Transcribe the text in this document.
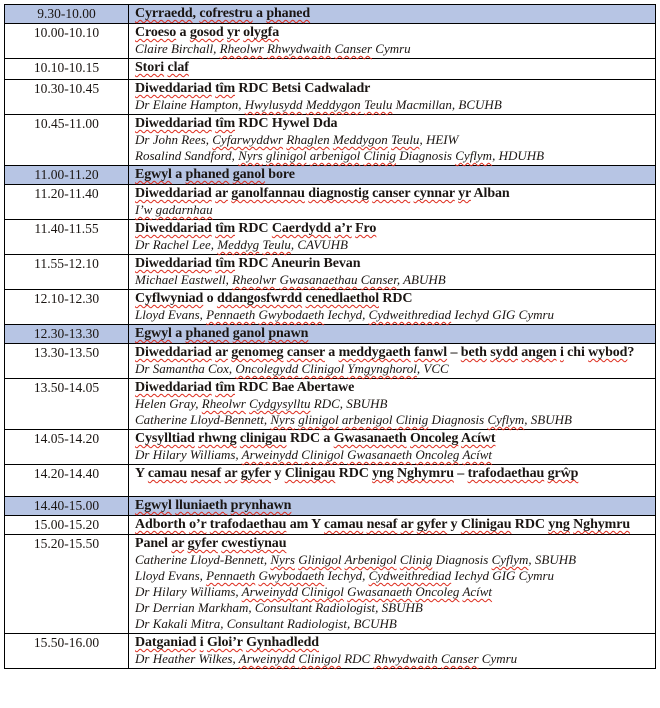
9.30-10.00	Cyrraedd, cofrestru a phaned

10.00-10.10	Croeso a gosod yr olygfa

Claire Birchall, Rheolwr Rhwydwaith Canser Cymru

10.10-10.15	Stori claf

10.30-10.45	Diweddariad tîm RDC Betsi Cadwaladr

Dr Elaine Hampton, Hwylusydd Meddygon Teulu Macmillan, BCUHB

10.45-11.00	Diweddariad tîm RDC Hywel Dda

Dr John Rees, Cyfarwyddwr Rhaglen Meddygon Teulu, HEIW

Rosalind Sandford, Nyrs glinigol arbenigol Clinig Diagnosis Cyflym, HDUHB

11.00-11.20	Egwyl a phaned ganol bore

11.20-11.40	Diweddariad ar ganolfannau diagnostig canser cynnar yr Alban

I’w gadarnhau

11.40-11.55	Diweddariad tîm RDC Caerdydd a’r Fro

Dr Rachel Lee, Meddyg Teulu, CAVUHB

11.55-12.10	Diweddariad tîm RDC Aneurin Bevan

Michael Eastwell, Rheolwr Gwasanaethau Canser, ABUHB

12.10-12.30	Cyflwyniad o ddangosfwrdd cenedlaethol RDC

Lloyd Evans, Pennaeth Gwybodaeth Iechyd, Cydweithrediad Iechyd GIG Cymru

12.30-13.30	Egwyl a phaned ganol pnawn

13.30-13.50	Diweddariad ar genomeg canser a meddygaeth fanwl – beth sydd angen i chi wybod?

Dr Samantha Cox, Oncolegydd Clinigol Ymgynghorol, VCC

13.50-14.05	Diweddariad tîm RDC Bae Abertawe

Helen Gray, Rheolwr Cydgysylltu RDC, SBUHB

Catherine Lloyd-Bennett, Nyrs glinigol arbenigol Clinig Diagnosis Cyflym, SBUHB

14.05-14.20	Cysylltiad rhwng clinigau RDC a Gwasanaeth Oncoleg Acíwt

Dr Hilary Williams, Arweinydd Clinigol Gwasanaeth Oncoleg Acíwt

14.20-14.40	Y camau nesaf ar gyfer y Clinigau RDC yng Nghymru – trafodaethau grŵp

14.40-15.00	Egwyl lluniaeth prynhawn

15.00-15.20	Adborth o’r trafodaethau am Y camau nesaf ar gyfer y Clinigau RDC yng Nghymru

15.20-15.50	Panel ar gyfer cwestiynau

Catherine Lloyd-Bennett, Nyrs Glinigol Arbenigol Clinig Diagnosis Cyflym, SBUHB

Lloyd Evans, Pennaeth Gwybodaeth Iechyd, Cydweithrediad Iechyd GIG Cymru

Dr Hilary Williams, Arweinydd Clinigol Gwasanaeth Oncoleg Acíwt

Dr Derrian Markham, Consultant Radiologist, SBUHB

Dr Kakali Mitra, Consultant Radiologist, BCUHB

15.50-16.00	Datganiad i Gloi’r Gynhadledd

Dr Heather Wilkes, Arweinydd Clinigol RDC Rhwydwaith Canser Cymru
